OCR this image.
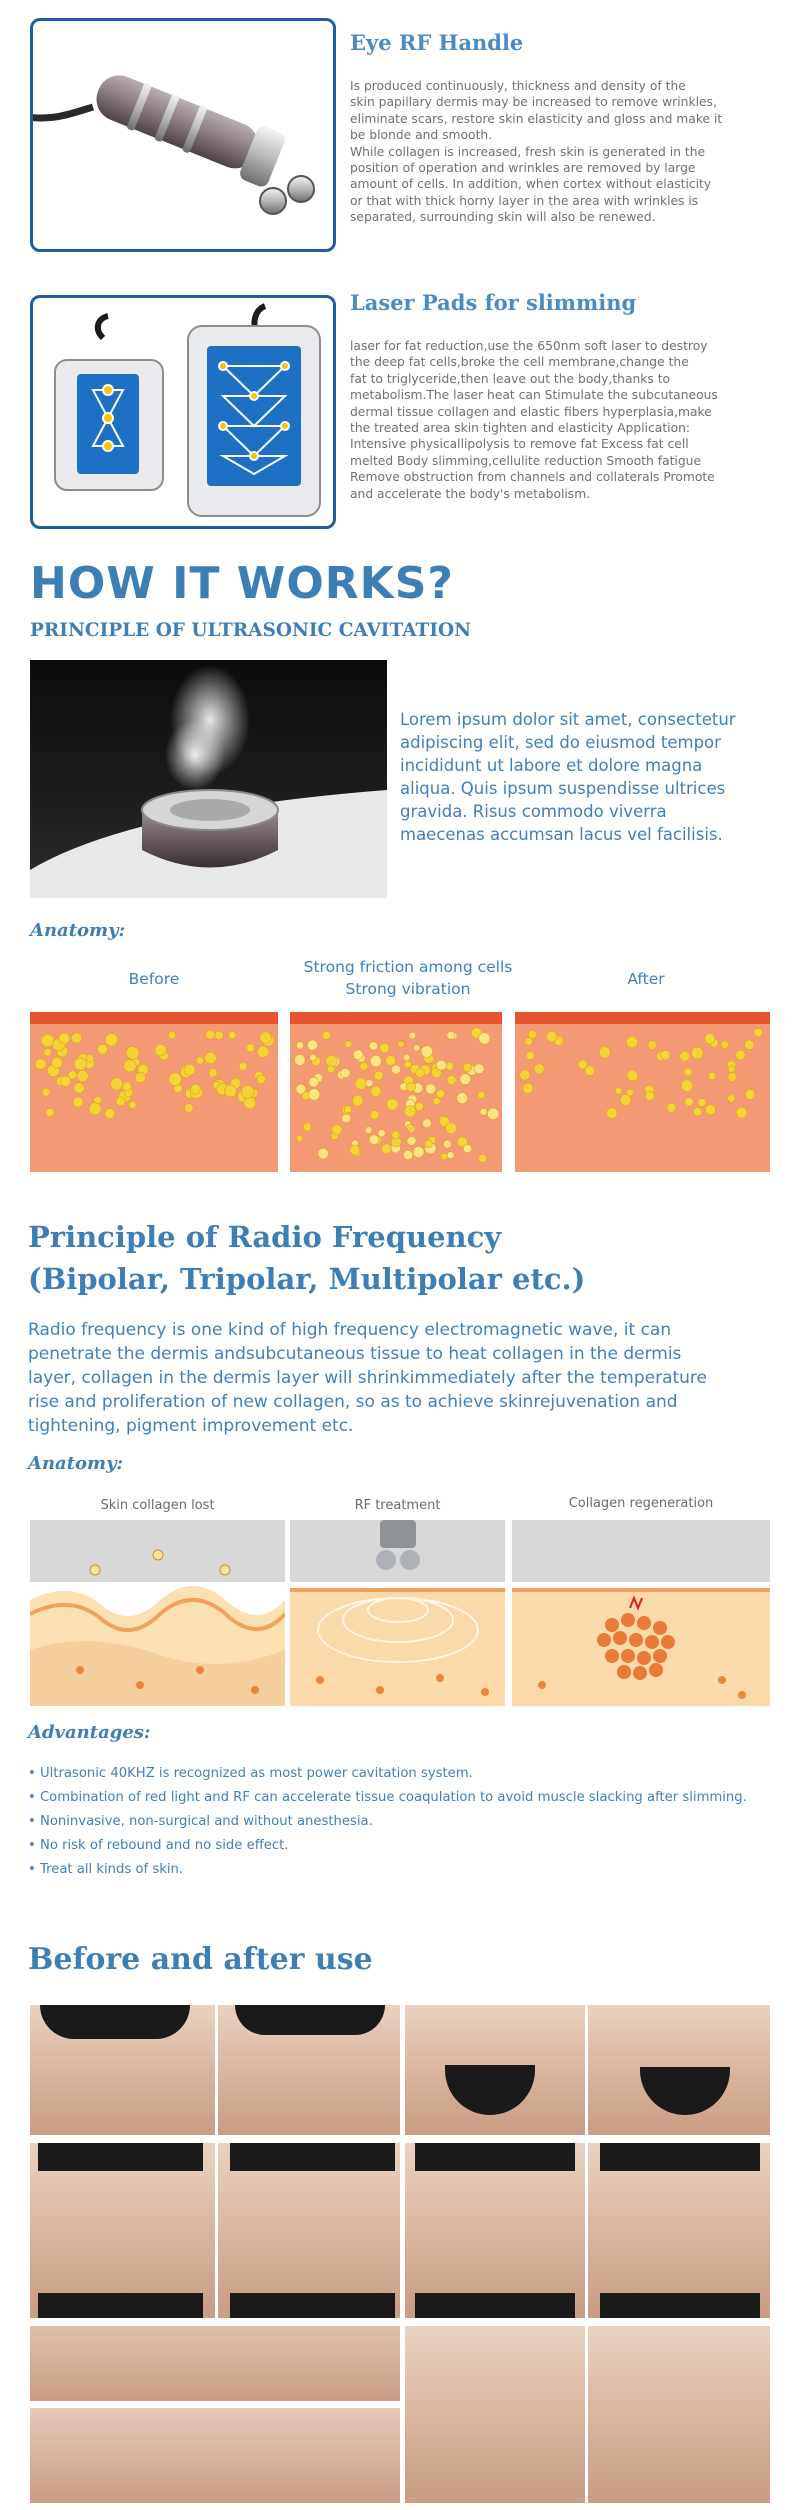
Eye RF Handle
Is produced continuously, thickness and density of the
skin papillary dermis may be increased to remove wrinkles,
eliminate scars, restore skin elasticity and gloss and make it
be blonde and smooth.
While collagen is increased, fresh skin is generated in the
position of operation and wrinkles are removed by large
amount of cells. In addition, when cortex without elasticity
or that with thick horny layer in the area with wrinkles is
separated, surrounding skin will also be renewed.
Laser Pads for slimming
laser for fat reduction,use the 650nm soft laser to destroy
the deep fat cells,broke the cell membrane,change the
fat to triglyceride,then leave out the body,thanks to
metabolism.The laser heat can Stimulate the subcutaneous
dermal tissue collagen and elastic fibers hyperplasia,make
the treated area skin tighten and elasticity Application:
Intensive physicallipolysis to remove fat Excess fat cell
melted Body slimming,cellulite reduction Smooth fatigue
Remove obstruction from channels and collaterals Promote
and accelerate the body's metabolism.
HOW IT WORKS?
PRINCIPLE OF ULTRASONIC CAVITATION
Lorem ipsum dolor sit amet, consectetur
adipiscing elit, sed do eiusmod tempor
incididunt ut labore et dolore magna
aliqua. Quis ipsum suspendisse ultrices
gravida. Risus commodo viverra
maecenas accumsan lacus vel facilisis.
Anatomy:
Before
Strong friction among cells
Strong vibration
After
Principle of Radio Frequency
(Bipolar, Tripolar, Multipolar etc.)
Radio frequency is one kind of high frequency electromagnetic wave, it can
penetrate the dermis andsubcutaneous tissue to heat collagen in the dermis
layer, collagen in the dermis layer will shrinkimmediately after the temperature
rise and proliferation of new collagen, so as to achieve skinrejuvenation and
tightening, pigment improvement etc.
Anatomy:
Skin collagen lost	RF treatment	Collagen regeneration
Advantages:
• Ultrasonic 40KHZ is recognized as most power cavitation system.
• Combination of red light and RF can accelerate tissue coaqulation to avoid muscle slacking after slimming.
• Noninvasive, non-surgical and without anesthesia.
• No risk of rebound and no side effect.
• Treat all kinds of skin.
Before and after use
